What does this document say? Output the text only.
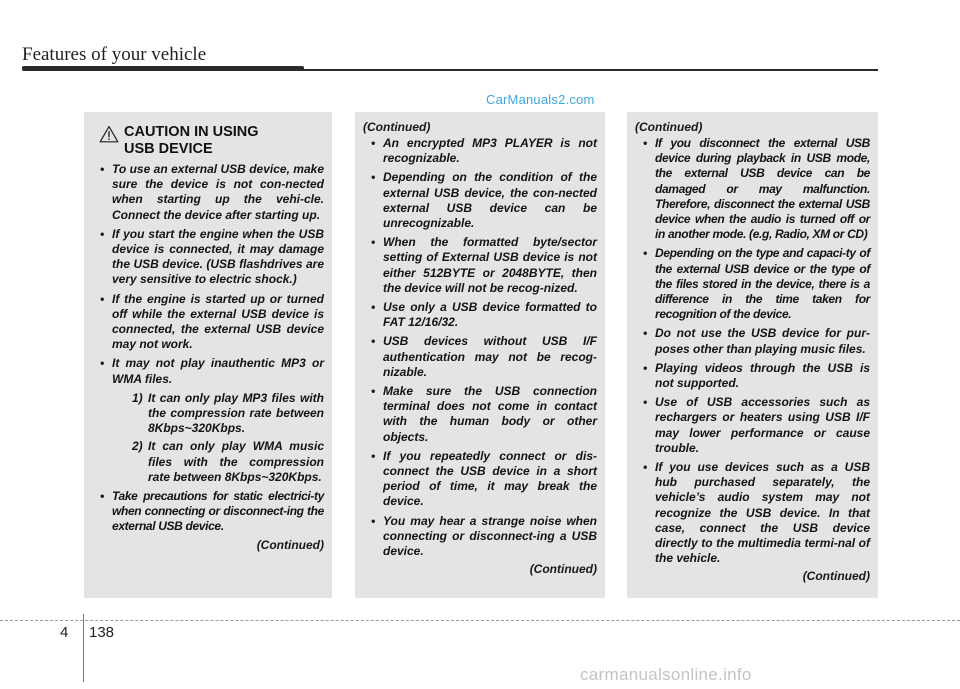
Features of your vehicle
CarManuals2.com
CAUTION IN USING
USB DEVICE
• To use an external USB device, make sure the device is not con-nected when starting up the vehi-cle. Connect the device after starting up.
• If you start the engine when the USB device is connected, it may damage the USB device. (USB flashdrives are very sensitive to electric shock.)
• If the engine is started up or turned off while the external USB device is connected, the external USB device may not work.
• It may not play inauthentic MP3 or WMA files.

1) It can only play MP3 files with the compression rate between 8Kbps~320Kbps.

2) It can only play WMA music files with the compression rate between 8Kbps~320Kbps.

• Take precautions for static electrici-ty when connecting or disconnect-ing the external USB device.
(Continued)
(Continued)
• An encrypted MP3 PLAYER is not recognizable.
• Depending on the condition of the external USB device, the con-nected external USB device can be unrecognizable.
• When the formatted byte/sector setting of External USB device is not either 512BYTE or 2048BYTE, then the device will not be recog-nized.
• Use only a USB device formatted to FAT 12/16/32.
• USB devices without USB I/F authentication may not be recog-nizable.
• Make sure the USB connection terminal does not come in contact with the human body or other objects.
• If you repeatedly connect or dis-connect the USB device in a short period of time, it may break the device.
• You may hear a strange noise when connecting or disconnect-ing a USB device.
(Continued)
(Continued)
• If you disconnect the external USB device during playback in USB mode, the external USB device can be damaged or may malfunction. Therefore, disconnect the external USB device when the audio is turned off or in another mode. (e.g, Radio, XM or CD)
• Depending on the type and capaci-ty of the external USB device or the type of the files stored in the device, there is a difference in the time taken for recognition of the device.
• Do not use the USB device for pur-poses other than playing music files.
• Playing videos through the USB is not supported.
• Use of USB accessories such as rechargers or heaters using USB I/F may lower performance or cause trouble.
• If you use devices such as a USB hub purchased separately, the vehicle’s audio system may not recognize the USB device. In that case, connect the USB device directly to the multimedia termi-nal of the vehicle.
(Continued)
4 138
carmanualsonline.info
